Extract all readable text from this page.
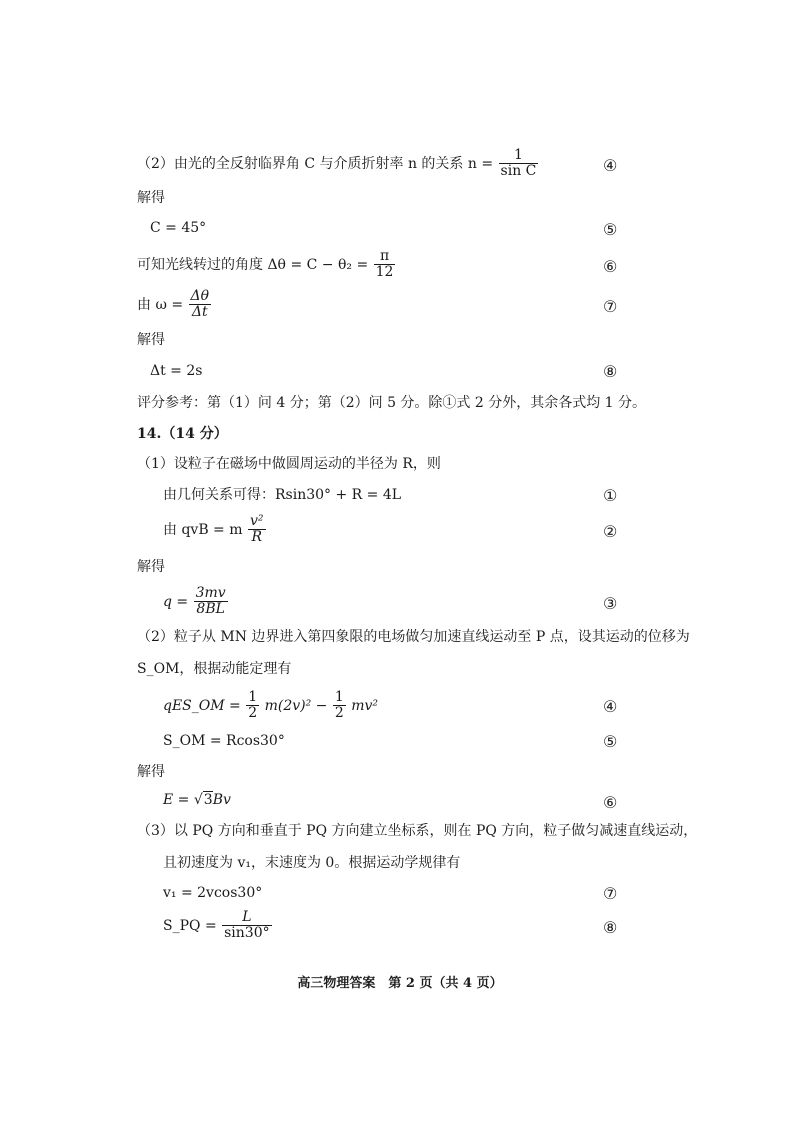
（2）由光的全反射临界角 C 与介质折射率 n 的关系 $n = \frac{1}{\text{sin C}}$	④
解得
C = 45°	⑤
可知光线转过的角度 $\Delta\theta = C - \theta_2 = \frac{\pi}{12}$	⑥
由 $\omega = \frac{\Delta\theta}{\Delta t}$	⑦
解得
Δt = 2s	⑧
评分参考：第（1）问 4 分；第（2）问 5 分。除①式 2 分外，其余各式均 1 分。
14.（14 分）
（1）设粒子在磁场中做圆周运动的半径为 R，则
由几何关系可得：Rsin30° + R = 4L	①
由 qvB = m $\frac{\text{v²}}{R}$	②
解得
$q = \frac{3mv}{8BL}$	③
（2）粒子从 MN 边界进入第四象限的电场做匀加速直线运动至 P 点，设其运动的位移为
S_OM，根据动能定理有
qES_OM = $\frac{1}{2} m(2v)^2 - \frac{1}{2} mv^2$	④
S_OM = Rcos30°	⑤
解得
E = √3Bv	⑥
（3）以 PQ 方向和垂直于 PQ 方向建立坐标系，则在 PQ 方向，粒子做匀减速直线运动，
且初速度为 v₁，末速度为 0。根据运动学规律有
v₁ = 2vcos30°	⑦
S_PQ = $\frac{L}{\sin 30^\circ}$	⑧
高三物理答案　第 2 页（共 4 页）
